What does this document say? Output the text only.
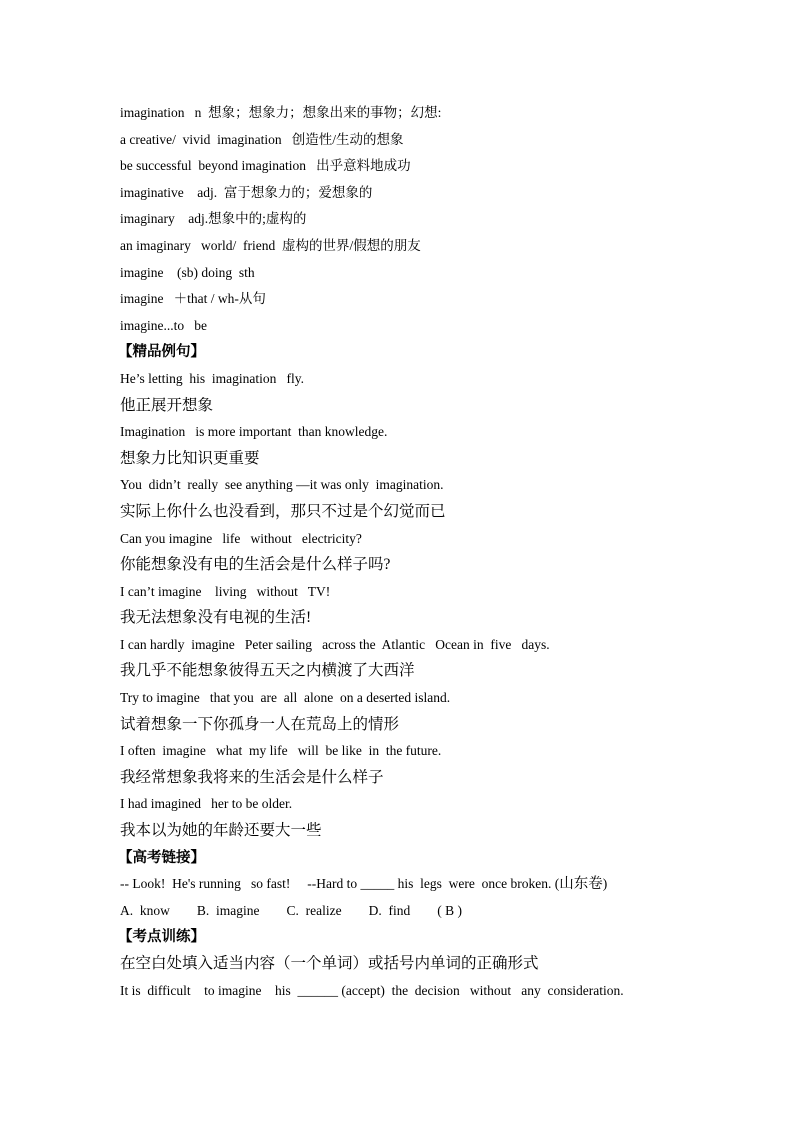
imagination   n  想象；想象力；想象出来的事物；幻想:
a creative/  vivid  imagination   创造性/生动的想象
be successful  beyond imagination   出乎意料地成功
imaginative    adj.  富于想象力的；爱想象的
imaginary    adj.想象中的;虚构的
an imaginary   world/  friend  虚构的世界/假想的朋友
imagine    (sb) doing  sth
imagine   ＋that / wh-从句
imagine...to   be
【精品例句】
He’s letting  his  imagination   fly.
他正展开想象
Imagination   is more important  than knowledge.
想象力比知识更重要
You  didn’t  really  see anything —it was only  imagination.
实际上你什么也没看到，那只不过是个幻觉而已
Can you imagine   life   without   electricity?
你能想象没有电的生活会是什么样子吗?
I can’t imagine    living   without   TV!
我无法想象没有电视的生活!
I can hardly  imagine   Peter sailing   across the  Atlantic   Ocean in  five   days.
我几乎不能想象彼得五天之内横渡了大西洋
Try to imagine   that you  are  all  alone  on a deserted island.
试着想象一下你孤身一人在荒岛上的情形
I often  imagine   what  my life   will  be like  in  the future.
我经常想象我将来的生活会是什么样子
I had imagined   her to be older.
我本以为她的年龄还要大一些
【高考链接】
-- Look!  He's running   so fast!     --Hard to _____ his  legs  were  once broken. (山东卷)
A.  know        B.  imagine        C.  realize        D.  find        ( B )
【考点训练】
在空白处填入适当内容（一个单词）或括号内单词的正确形式
It is  difficult    to imagine    his  ______ (accept)  the  decision   without   any  consideration.
